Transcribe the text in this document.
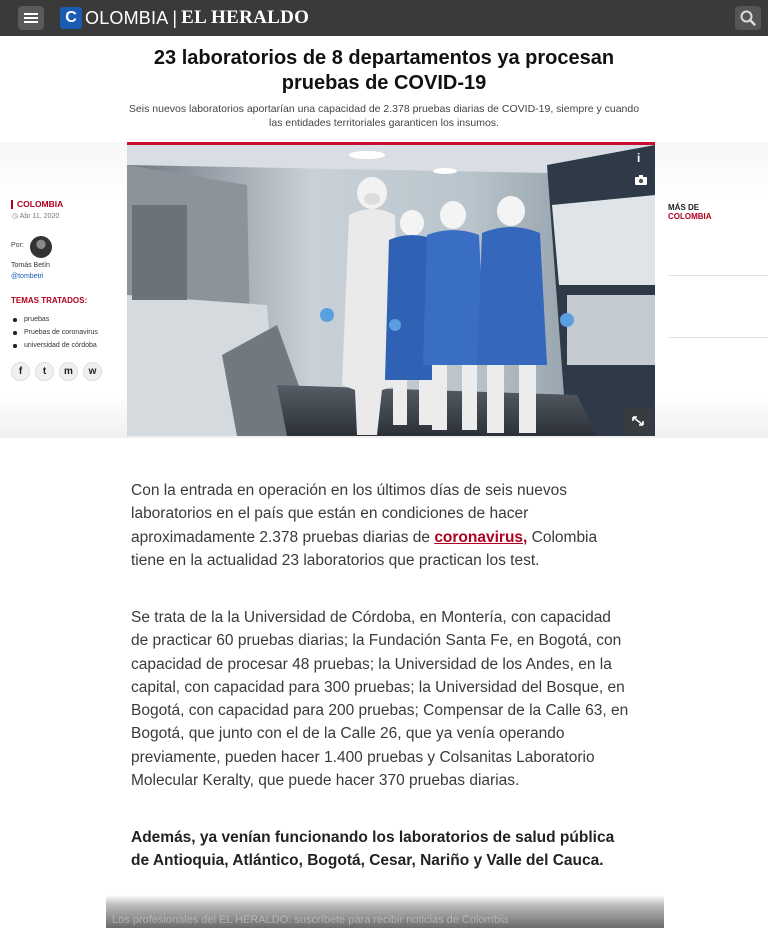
C OLOMBIA | EL HERALDO
23 laboratorios de 8 departamentos ya procesan pruebas de COVID-19

Seis nuevos laboratorios aportarían una capacidad de 2.378 pruebas diarias de COVID-19, siempre y cuando las entidades territoriales garanticen los insumos.

i
COLOMBIA
◷ Abr 11, 2020
Por:
Tomás Betín
@tombetri
TEMAS TRATADOS:
pruebas
Pruebas de coronavirus
universidad de córdoba
f	t	m	w
MÁS DE
COLOMBIA

Con la entrada en operación en los últimos días de seis nuevos laboratorios en el país que están en condiciones de hacer aproximadamente 2.378 pruebas diarias de coronavirus, Colombia tiene en la actualidad 23 laboratorios que practican los test.

Se trata de la la Universidad de Córdoba, en Montería, con capacidad de practicar 60 pruebas diarias; la Fundación Santa Fe, en Bogotá, con capacidad de procesar 48 pruebas; la Universidad de los Andes, en la capital, con capacidad para 300 pruebas; la Universidad del Bosque, en Bogotá, con capacidad para 200 pruebas; Compensar de la Calle 63, en Bogotá, que junto con el de la Calle 26, que ya venía operando previamente, pueden hacer 1.400 pruebas y Colsanitas Laboratorio Molecular Keralty, que puede hacer 370 pruebas diarias.

Además, ya venían funcionando los laboratorios de salud pública de Antioquia, Atlántico, Bogotá, Cesar, Nariño y Valle del Cauca.

Los profesionales del EL HERALDO: suscríbete para recibir noticias de Colombia
